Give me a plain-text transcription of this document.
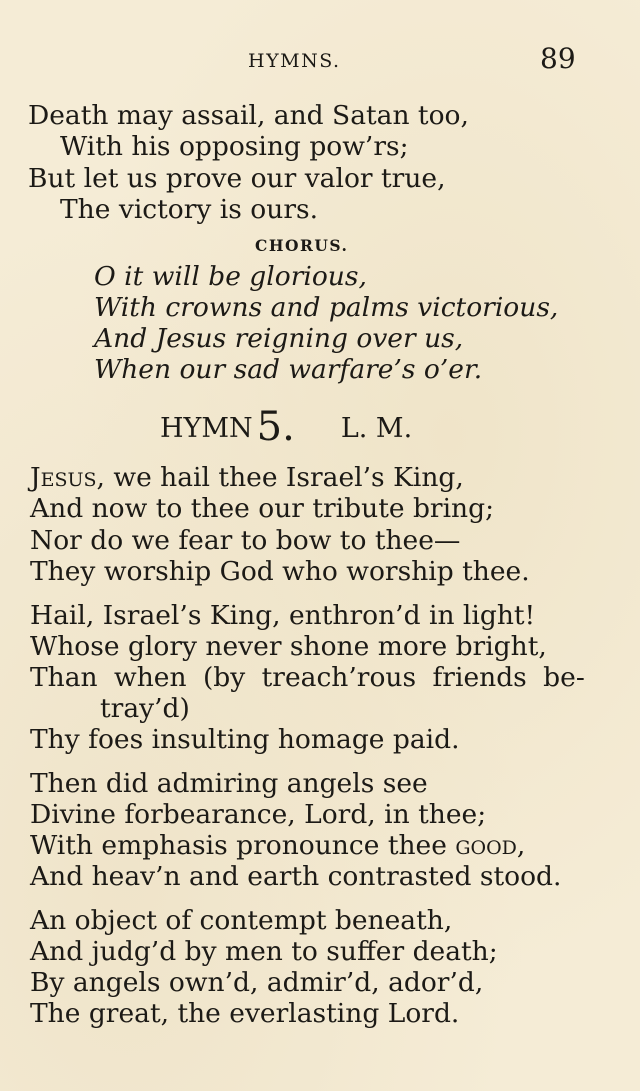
HYMNS.	89
Death may assail, and Satan too,
With his opposing pow’rs;
But let us prove our valor true,
The victory is ours.
CHORUS.
O it will be glorious,
With crowns and palms victorious,
And Jesus reigning over us,
When our sad warfare’s o’er.
HYMN 5. L. M.
Jesus, we hail thee Israel’s King,
And now to thee our tribute bring;
Nor do we fear to bow to thee—
They worship God who worship thee.
Hail, Israel’s King, enthron’d in light!
Whose glory never shone more bright,
Than when (by treach’rous friends be-
tray’d)
Thy foes insulting homage paid.
Then did admiring angels see
Divine forbearance, Lord, in thee;
With emphasis pronounce thee good,
And heav’n and earth contrasted stood.
An object of contempt beneath,
And judg’d by men to suffer death;
By angels own’d, admir’d, ador’d,
The great, the everlasting Lord.
